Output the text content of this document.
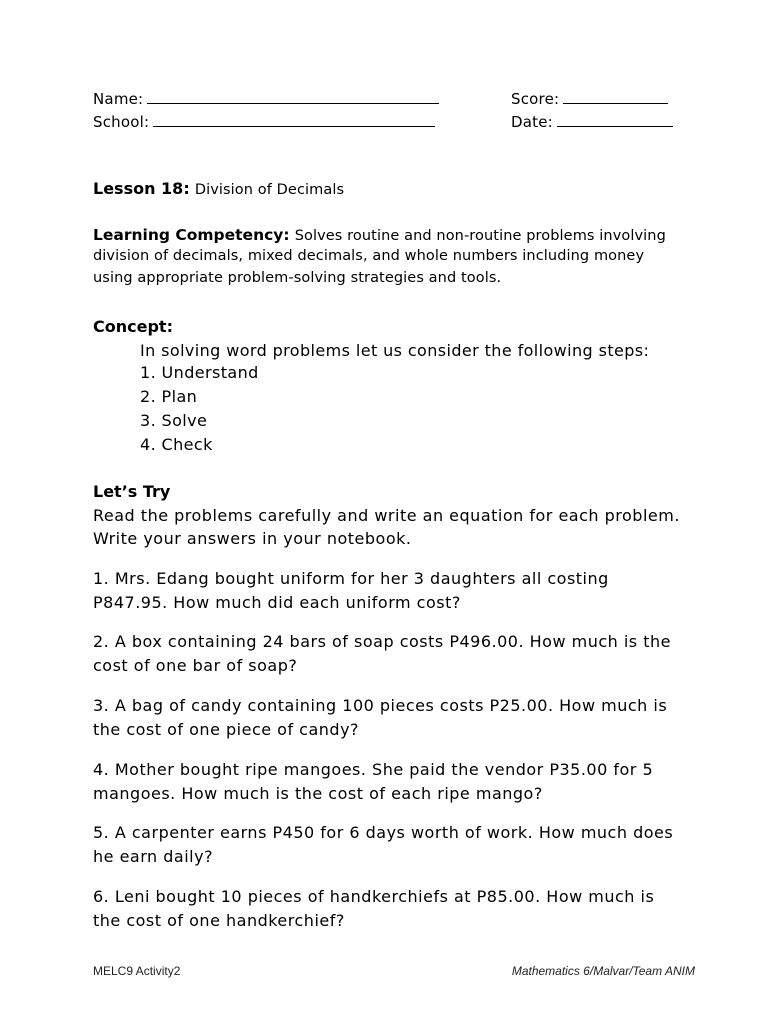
Name:
School:
Score:
Date:
Lesson 18: Division of Decimals
Learning Competency: Solves routine and non-routine problems involving
division of decimals, mixed decimals, and whole numbers including money
using appropriate problem-solving strategies and tools.
Concept:
In solving word problems let us consider the following steps:
1. Understand
2. Plan
3. Solve
4. Check
Let’s Try
Read the problems carefully and write an equation for each problem.
Write your answers in your notebook.
1. Mrs. Edang bought uniform for her 3 daughters all costing
P847.95. How much did each uniform cost?
2. A box containing 24 bars of soap costs P496.00. How much is the
cost of one bar of soap?
3. A bag of candy containing 100 pieces costs P25.00. How much is
the cost of one piece of candy?
4. Mother bought ripe mangoes. She paid the vendor P35.00 for 5
mangoes. How much is the cost of each ripe mango?
5. A carpenter earns P450 for 6 days worth of work. How much does
he earn daily?
6. Leni bought 10 pieces of handkerchiefs at P85.00. How much is
the cost of one handkerchief?
MELC9 Activity2	Mathematics 6/Malvar/Team ANIM
